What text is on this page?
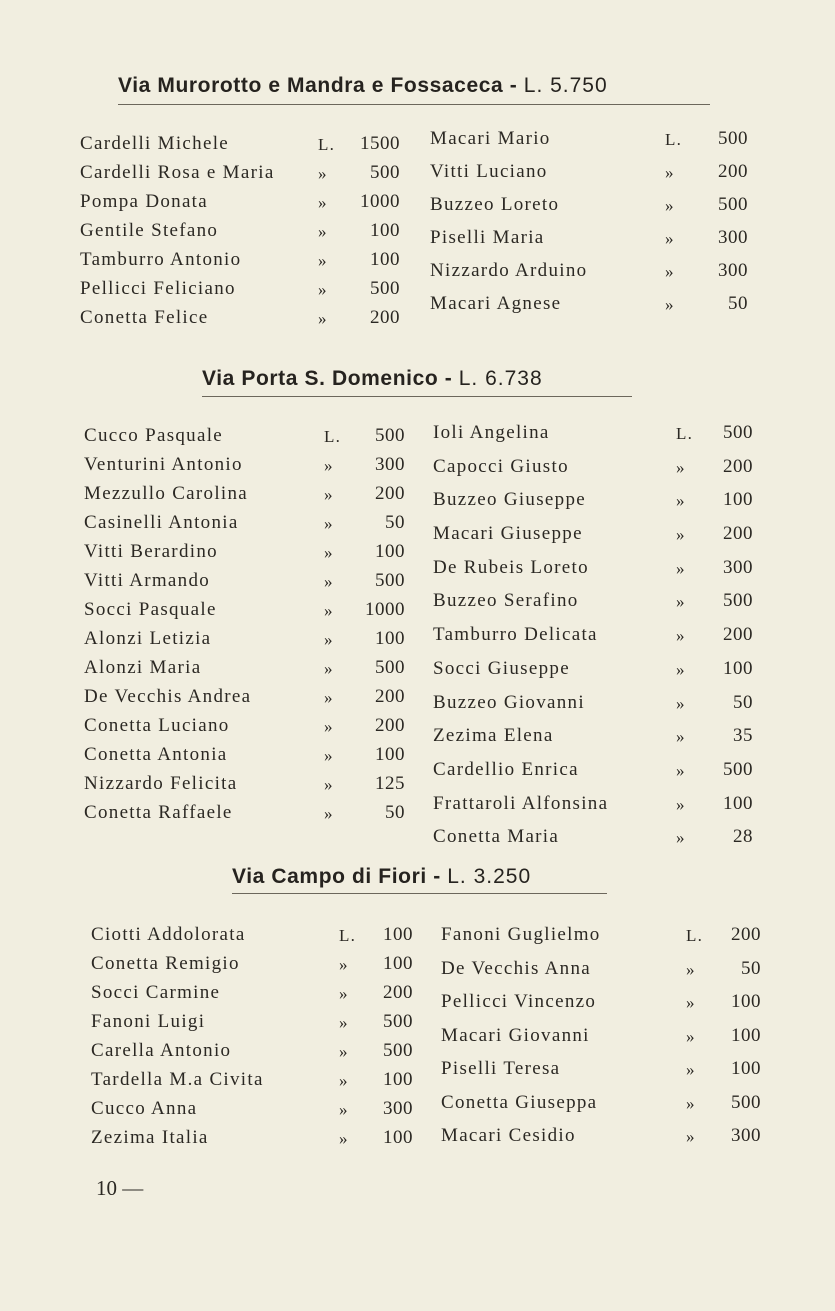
Via Murorotto e Mandra e Fossaceca - L. 5.750
Cardelli Michele	L. 1500
Cardelli Rosa e Maria	» 500
Pompa Donata	» 1000
Gentile Stefano	» 100
Tamburro Antonio	» 100
Pellicci Feliciano	» 500
Conetta Felice	» 200
Macari Mario	L. 500
Vitti Luciano	» 200
Buzzeo Loreto	» 500
Piselli Maria	» 300
Nizzardo Arduino	» 300
Macari Agnese	»	50
Via Porta S. Domenico - L. 6.738
Cucco Pasquale	L. 500
Venturini Antonio	» 300
Mezzullo Carolina	» 200
Casinelli Antonia	»	50
Vitti Berardino	» 100
Vitti Armando	» 500
Socci Pasquale	» 1000
Alonzi Letizia	» 100
Alonzi Maria	» 500
De Vecchis Andrea	» 200
Conetta Luciano	» 200
Conetta Antonia	» 100
Nizzardo Felicita	» 125
Conetta Raffaele	»	50
Ioli Angelina	L. 500
Capocci Giusto	» 200
Buzzeo Giuseppe	» 100
Macari Giuseppe	» 200
De Rubeis Loreto	» 300
Buzzeo Serafino	» 500
Tamburro Delicata	» 200
Socci Giuseppe	» 100
Buzzeo Giovanni	» 50
Zezima Elena	» 35
Cardellio Enrica	» 500
Frattaroli Alfonsina	» 100
Conetta Maria	» 28
Via Campo di Fiori - L. 3.250
Ciotti Addolorata	L. 100
Conetta Remigio	» 100
Socci Carmine	» 200
Fanoni Luigi	» 500
Carella Antonio	» 500
Tardella M.a Civita	» 100
Cucco Anna	» 300
Zezima Italia	» 100
Fanoni Guglielmo	L. 200
De Vecchis Anna	» 50
Pellicci Vincenzo	» 100
Macari Giovanni	» 100
Piselli Teresa	» 100
Conetta Giuseppa	» 500
Macari Cesidio	» 300
10 —
